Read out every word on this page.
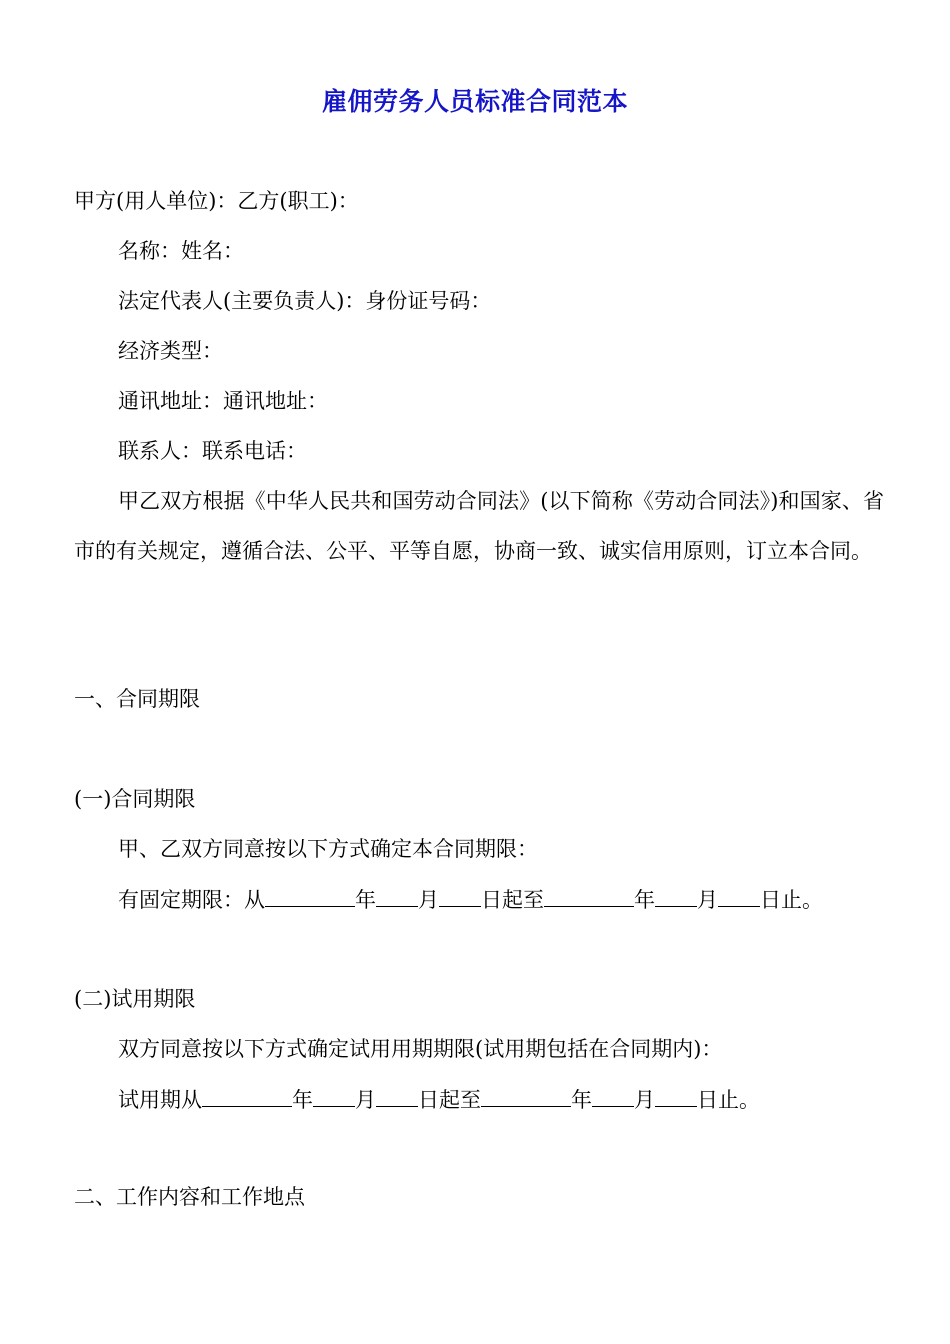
雇佣劳务人员标准合同范本
甲方(用人单位)：乙方(职工)：
名称：姓名：
法定代表人(主要负责人)：身份证号码：
经济类型：
通讯地址：通讯地址：
联系人：联系电话：
甲乙双方根据《中华人民共和国劳动合同法》(以下简称《劳动合同法》)和国家、省市的有关规定，遵循合法、公平、平等自愿，协商一致、诚实信用原则，订立本合同。
一、合同期限
(一)合同期限
甲、乙双方同意按以下方式确定本合同期限：
有固定期限：从	年 月 日起至	年 月 日止。
(二)试用期限
双方同意按以下方式确定试用用期期限(试用期包括在合同期内)：
试用期从	年 月 日起至	年 月 日止。
二、工作内容和工作地点
